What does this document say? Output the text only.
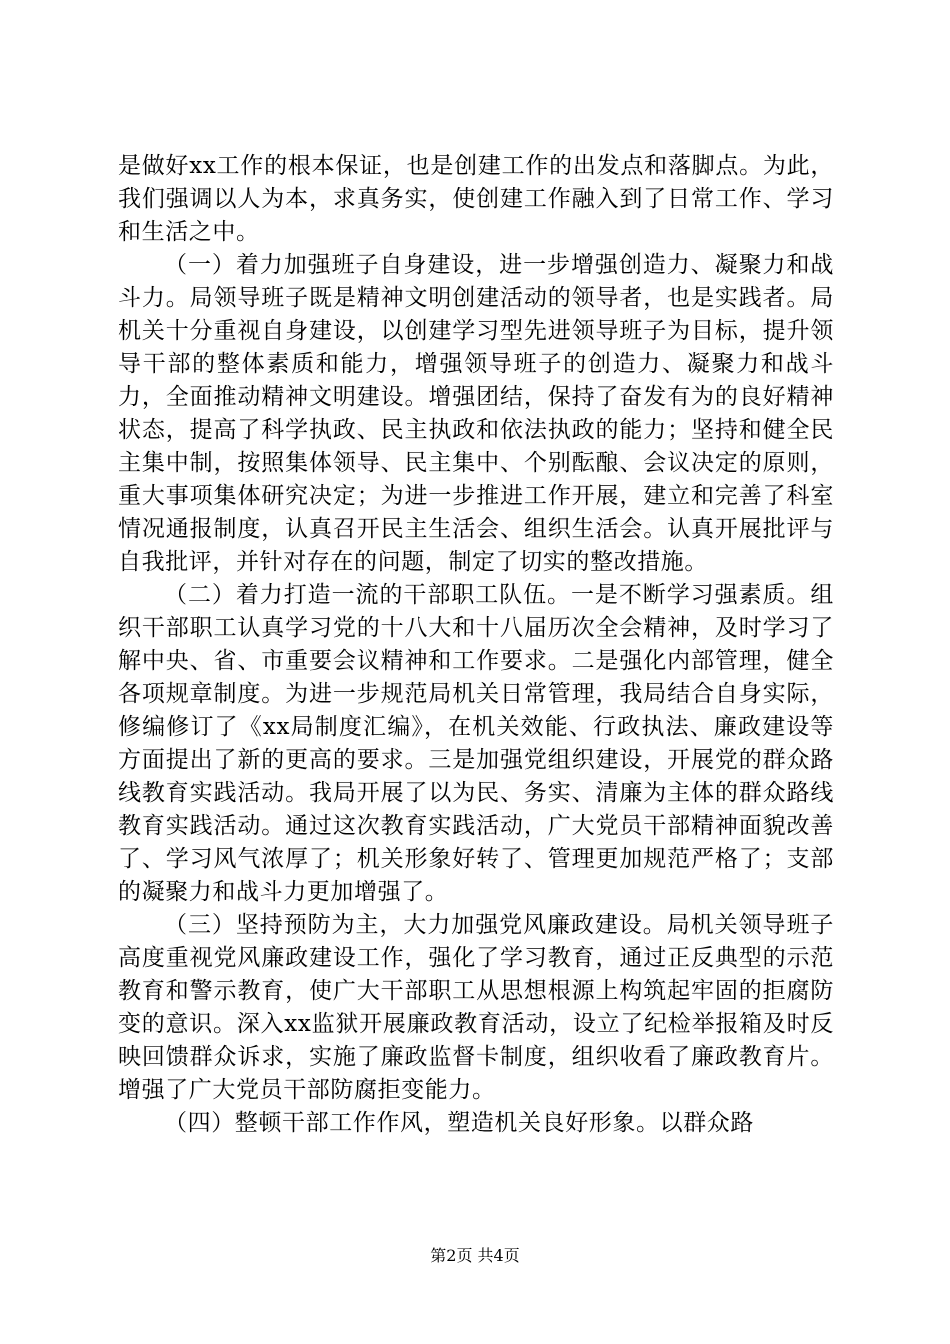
是做好xx工作的根本保证，也是创建工作的出发点和落脚点。为此，我们强调以人为本，求真务实，使创建工作融入到了日常工作、学习和生活之中。

（一）着力加强班子自身建设，进一步增强创造力、凝聚力和战斗力。局领导班子既是精神文明创建活动的领导者，也是实践者。局机关十分重视自身建设，以创建学习型先进领导班子为目标，提升领导干部的整体素质和能力，增强领导班子的创造力、凝聚力和战斗力，全面推动精神文明建设。增强团结，保持了奋发有为的良好精神状态，提高了科学执政、民主执政和依法执政的能力；坚持和健全民主集中制，按照集体领导、民主集中、个别酝酿、会议决定的原则，重大事项集体研究决定；为进一步推进工作开展，建立和完善了科室情况通报制度，认真召开民主生活会、组织生活会。认真开展批评与自我批评，并针对存在的问题，制定了切实的整改措施。

（二）着力打造一流的干部职工队伍。一是不断学习强素质。组织干部职工认真学习党的十八大和十八届历次全会精神，及时学习了解中央、省、市重要会议精神和工作要求。二是强化内部管理，健全各项规章制度。为进一步规范局机关日常管理，我局结合自身实际，修编修订了《xx局制度汇编》，在机关效能、行政执法、廉政建设等方面提出了新的更高的要求。三是加强党组织建设，开展党的群众路线教育实践活动。我局开展了以为民、务实、清廉为主体的群众路线教育实践活动。通过这次教育实践活动，广大党员干部精神面貌改善了、学习风气浓厚了；机关形象好转了、管理更加规范严格了；支部的凝聚力和战斗力更加增强了。

（三）坚持预防为主，大力加强党风廉政建设。局机关领导班子高度重视党风廉政建设工作，强化了学习教育，通过正反典型的示范教育和警示教育，使广大干部职工从思想根源上构筑起牢固的拒腐防变的意识。深入xx监狱开展廉政教育活动，设立了纪检举报箱及时反映回馈群众诉求，实施了廉政监督卡制度，组织收看了廉政教育片。增强了广大党员干部防腐拒变能力。

（四）整顿干部工作作风，塑造机关良好形象。以群众路

第2页 共4页
